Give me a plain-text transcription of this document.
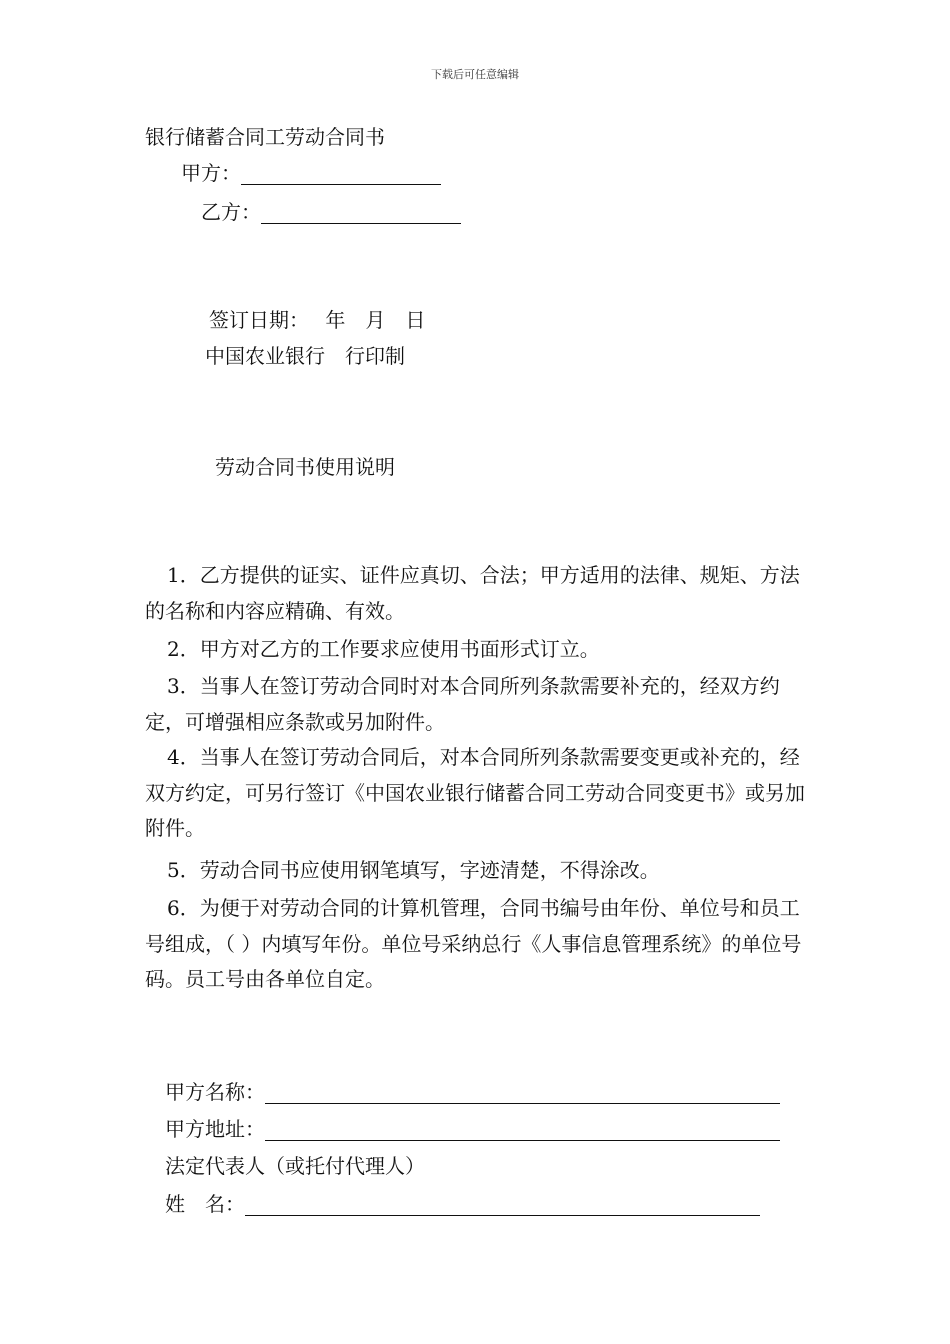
下载后可任意编辑
银行储蓄合同工劳动合同书
甲方：
乙方：
签订日期：　 年　月　日
中国农业银行　行印制
劳动合同书使用说明
1．乙方提供的证实、证件应真切、合法；甲方适用的法律、规矩、方法的名称和内容应精确、有效。
2．甲方对乙方的工作要求应使用书面形式订立。
3．当事人在签订劳动合同时对本合同所列条款需要补充的，经双方约定，可增强相应条款或另加附件。
4．当事人在签订劳动合同后，对本合同所列条款需要变更或补充的，经双方约定，可另行签订《中国农业银行储蓄合同工劳动合同变更书》或另加附件。
5．劳动合同书应使用钢笔填写，字迹清楚，不得涂改。
6．为便于对劳动合同的计算机管理，合同书编号由年份、单位号和员工号组成，（ ）内填写年份。单位号采纳总行《人事信息管理系统》的单位号码。员工号由各单位自定。
甲方名称：
甲方地址：
法定代表人（或托付代理人）
姓　名：
